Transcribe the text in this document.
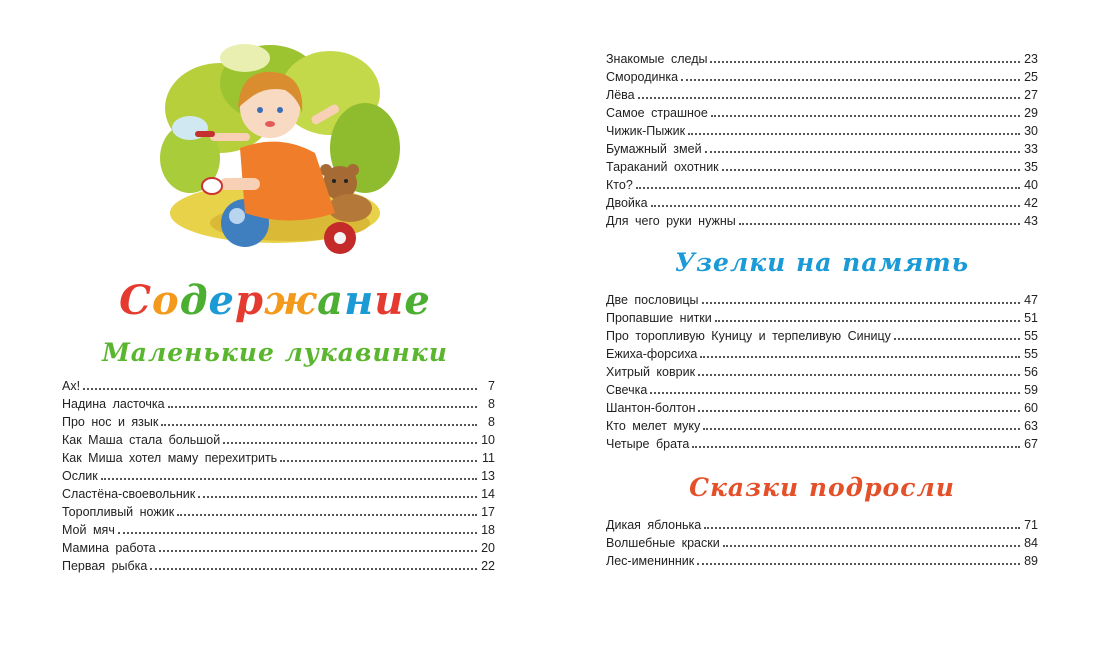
Содержание
Маленькие лукавинки
Ах!	7
Надина ласточка	8
Про нос и язык	8
Как Маша стала большой	10
Как Миша хотел маму перехитрить	11
Ослик	13
Сластёна-своевольник	14
Торопливый ножик	17
Мой мяч	18
Мамина работа	20
Первая рыбка	22
Знакомые следы	23
Смородинка	25
Лёва	27
Самое страшное	29
Чижик-Пыжик	30
Бумажный змей	33
Тараканий охотник	35
Кто?	40
Двойка	42
Для чего руки нужны	43
Узелки на память
Две пословицы	47
Пропавшие нитки	51
Про торопливую Куницу и терпеливую Синицу	55
Ежиха-форсиха	55
Хитрый коврик	56
Свечка	59
Шантон-болтон	60
Кто мелет муку	63
Четыре брата	67
Сказки подросли
Дикая яблонька	71
Волшебные краски	84
Лес-именинник	89
